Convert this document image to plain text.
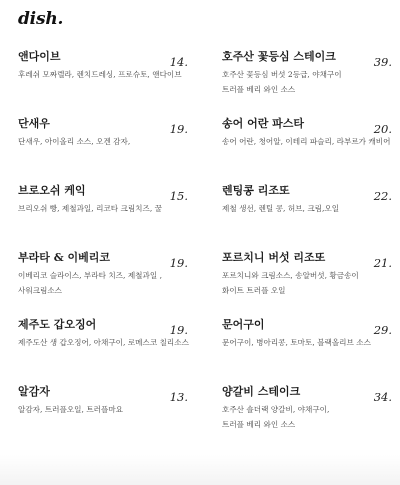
dish.
앤다이브	14.
후레쉬 모짜렐라, 렌치드레싱, 프로슈토, 앤다이브
단새우	19.
단새우, 아이올리 소스, 오겐 감자,
브로오쉬 케익	15.
브리오쉬 빵, 제철과일, 리코타 크림치즈, 꿀
부라타 & 이베리코	19.
이베리코 슬라이스, 부라타 치즈, 제철과일 ,
사워크림소스
제주도 갑오징어	19.
제주도산 생 갑오징어, 아채구이, 로메스코 칠리소스
알감자	13.
알감자, 트러플오일, 트러플마요
호주산 꽃등심 스테이크	39.
호주산 꽃등심 버섯 2등급, 야채구이
트러플 베리 와인 소스
송어 어란 파스타	20.
송어 어란, 청어알, 이테리 파슬리, 라부르가 캐비어
렌팅콩 리조또	22.
제철 생선, 렌틸 콩, 허브, 크림,오일
포르치니 버섯 리조또	21.
포르치니와 크림소스, 송알버섯, 황금송이
화이트 트러플 오일
문어구이	29.
문어구이, 병아리콩, 토마토, 블랙올리브 소스
양갈비 스테이크	34.
호주산 숄더랙 양갈비, 야채구이,
트러플 베리 와인 소스
